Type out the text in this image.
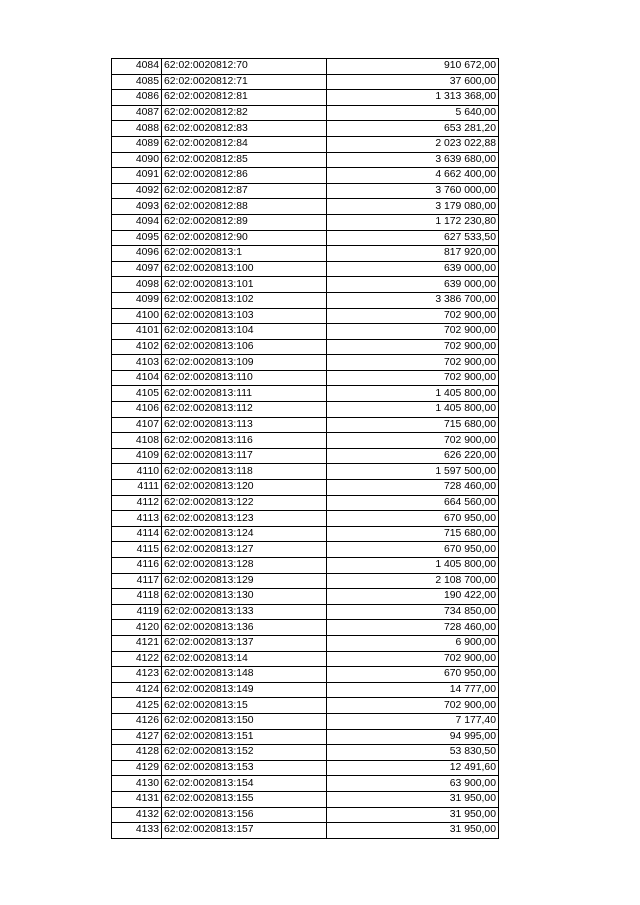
4084	62:02:0020812:70	910 672,00
4085	62:02:0020812:71	37 600,00
4086	62:02:0020812:81	1 313 368,00
4087	62:02:0020812:82	5 640,00
4088	62:02:0020812:83	653 281,20
4089	62:02:0020812:84	2 023 022,88
4090	62:02:0020812:85	3 639 680,00
4091	62:02:0020812:86	4 662 400,00
4092	62:02:0020812:87	3 760 000,00
4093	62:02:0020812:88	3 179 080,00
4094	62:02:0020812:89	1 172 230,80
4095	62:02:0020812:90	627 533,50
4096	62:02:0020813:1	817 920,00
4097	62:02:0020813:100	639 000,00
4098	62:02:0020813:101	639 000,00
4099	62:02:0020813:102	3 386 700,00
4100	62:02:0020813:103	702 900,00
4101	62:02:0020813:104	702 900,00
4102	62:02:0020813:106	702 900,00
4103	62:02:0020813:109	702 900,00
4104	62:02:0020813:110	702 900,00
4105	62:02:0020813:111	1 405 800,00
4106	62:02:0020813:112	1 405 800,00
4107	62:02:0020813:113	715 680,00
4108	62:02:0020813:116	702 900,00
4109	62:02:0020813:117	626 220,00
4110	62:02:0020813:118	1 597 500,00
4111	62:02:0020813:120	728 460,00
4112	62:02:0020813:122	664 560,00
4113	62:02:0020813:123	670 950,00
4114	62:02:0020813:124	715 680,00
4115	62:02:0020813:127	670 950,00
4116	62:02:0020813:128	1 405 800,00
4117	62:02:0020813:129	2 108 700,00
4118	62:02:0020813:130	190 422,00
4119	62:02:0020813:133	734 850,00
4120	62:02:0020813:136	728 460,00
4121	62:02:0020813:137	6 900,00
4122	62:02:0020813:14	702 900,00
4123	62:02:0020813:148	670 950,00
4124	62:02:0020813:149	14 777,00
4125	62:02:0020813:15	702 900,00
4126	62:02:0020813:150	7 177,40
4127	62:02:0020813:151	94 995,00
4128	62:02:0020813:152	53 830,50
4129	62:02:0020813:153	12 491,60
4130	62:02:0020813:154	63 900,00
4131	62:02:0020813:155	31 950,00
4132	62:02:0020813:156	31 950,00
4133	62:02:0020813:157	31 950,00
